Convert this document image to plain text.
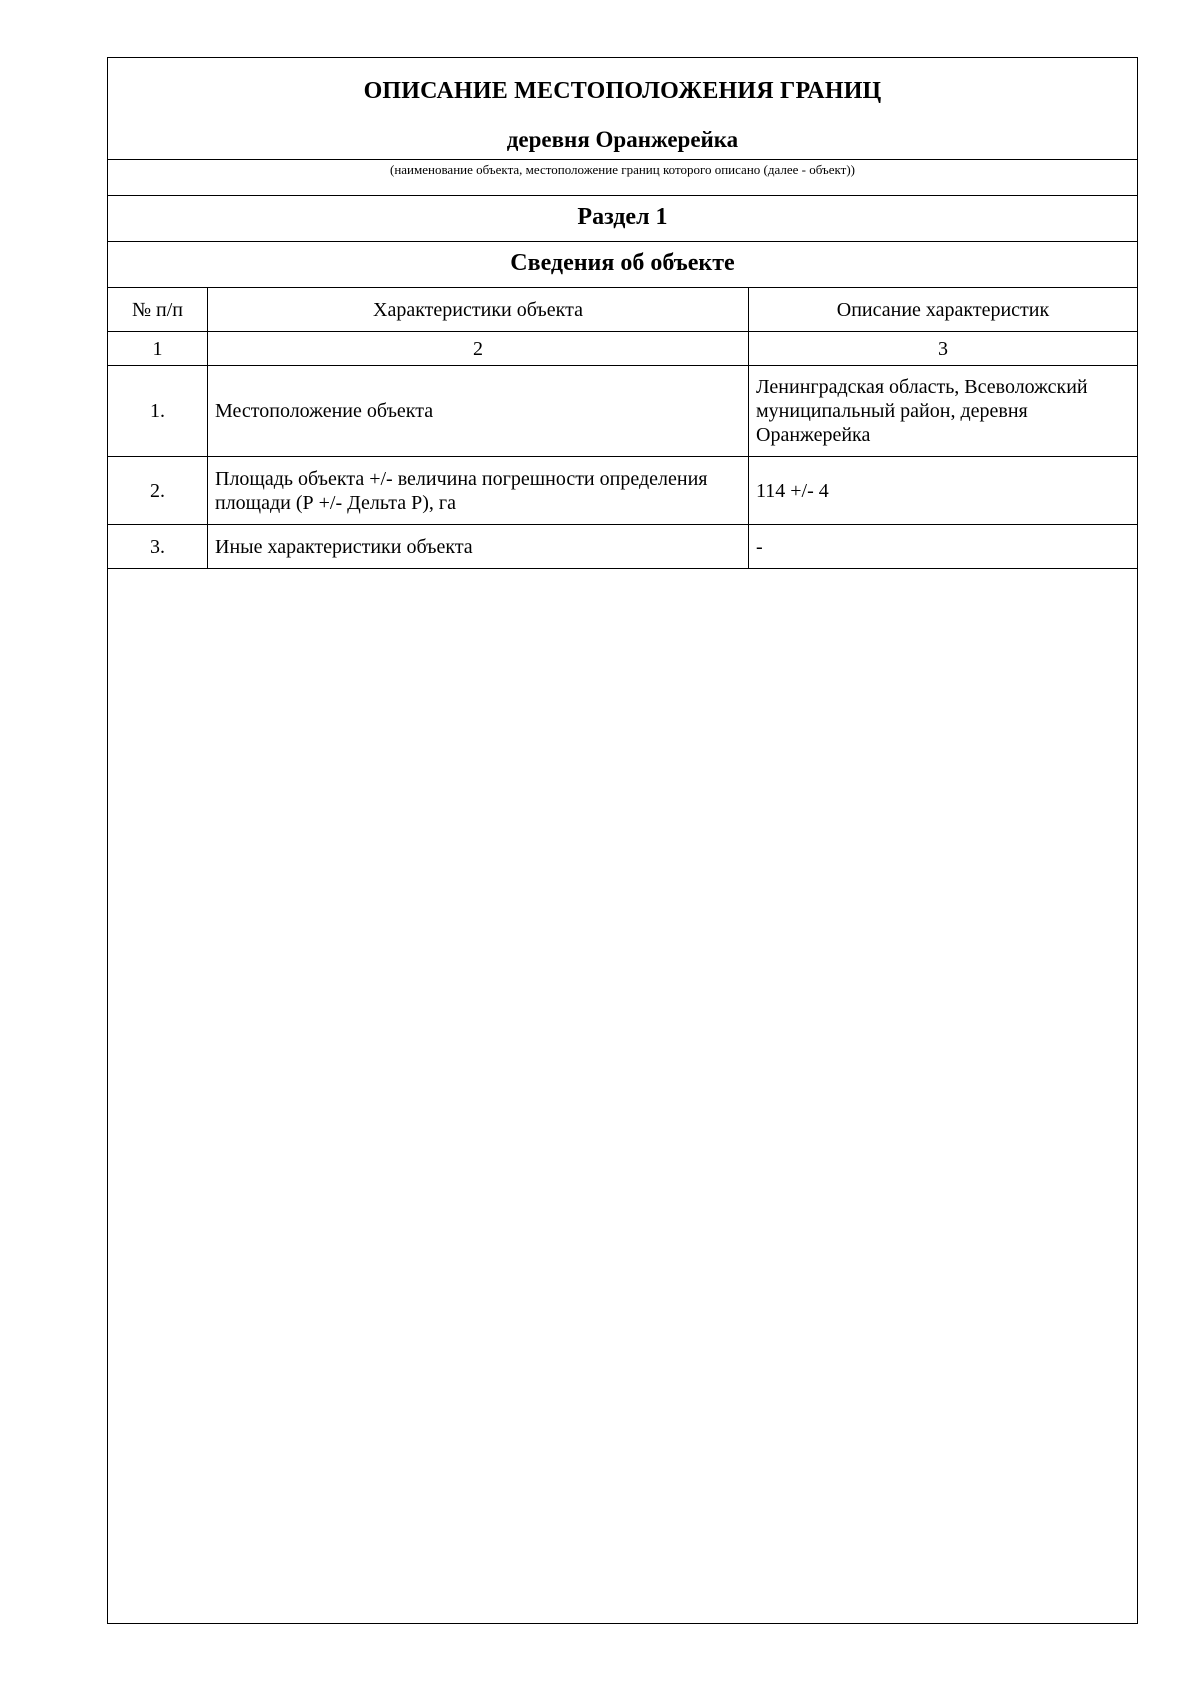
ОПИСАНИЕ МЕСТОПОЛОЖЕНИЯ ГРАНИЦ
деревня Оранжерейка
(наименование объекта, местоположение границ которого описано (далее - объект))
Раздел 1
Сведения об объекте
№ п/п	Характеристики объекта	Описание характеристик
1	2	3
1.	Местоположение объекта	Ленинградская область, Всеволожский муниципальный район, деревня Оранжерейка
2.	Площадь объекта +/- величина погрешности определения площади (Р +/- Дельта Р), га	114 +/- 4
3.	Иные характеристики объекта	-
